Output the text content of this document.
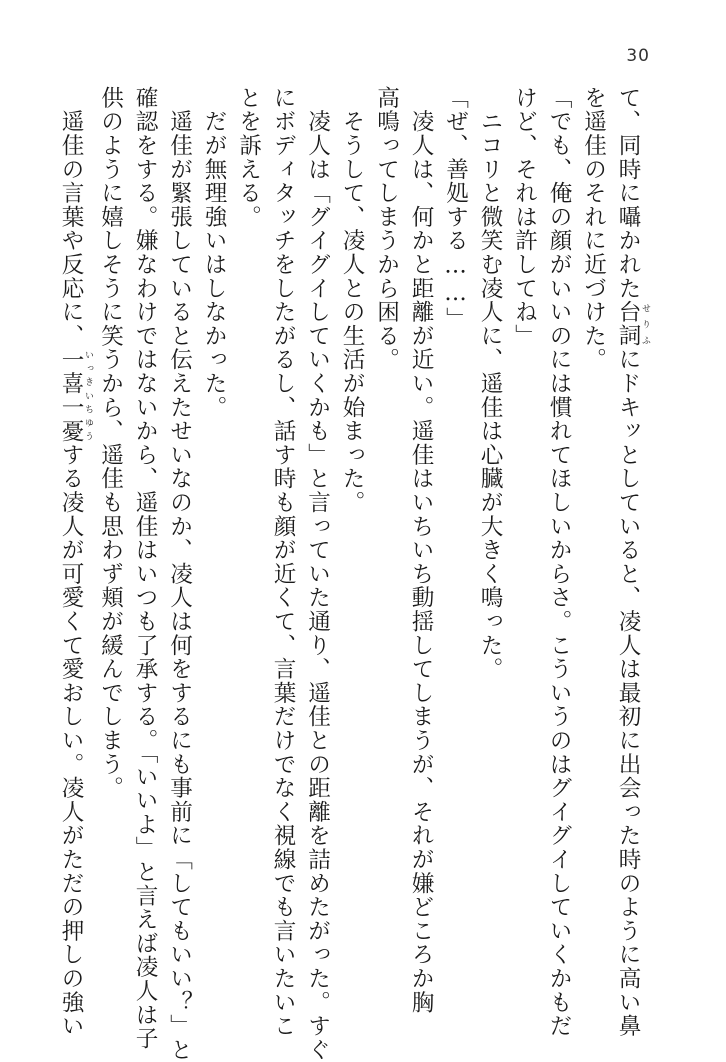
30

て、同時に囁かれた台詞 せりふにドキッとしていると、凌人は最初に出会った時のように高い鼻

を遥佳のそれに近づけた。

「でも、俺の顔がいいのには慣れてほしいからさ。こういうのはグイグイしていくかもだ

けど、それは許してね」

　ニコリと微笑む凌人に、遥佳は心臓が大きく鳴った。

「ぜ、善処する……」

　凌人は、何かと距離が近い。遥佳はいちいち動揺してしまうが、それが嫌どころか胸

高鳴ってしまうから困る。

　そうして、凌人との生活が始まった。

　凌人は「グイグイしていくかも」と言っていた通り、遥佳との距離を詰めたがった。すぐ

にボディタッチをしたがるし、話す時も顔が近くて、言葉だけでなく視線でも言いたいこ

とを訴える。

　だが無理強いはしなかった。

　遥佳が緊張していると伝えたせいなのか、凌人は何をするにも事前に「してもいい？」と

確認をする。嫌なわけではないから、遥佳はいつも了承する。「いいよ」と言えば凌人は子

供のように嬉しそうに笑うから、遥佳も思わず頬が緩んでしまう。

　遥佳の言葉や反応に、一喜一憂 いっきいちゆうする凌人が可愛くて愛おしい。凌人がただの押しの強い
